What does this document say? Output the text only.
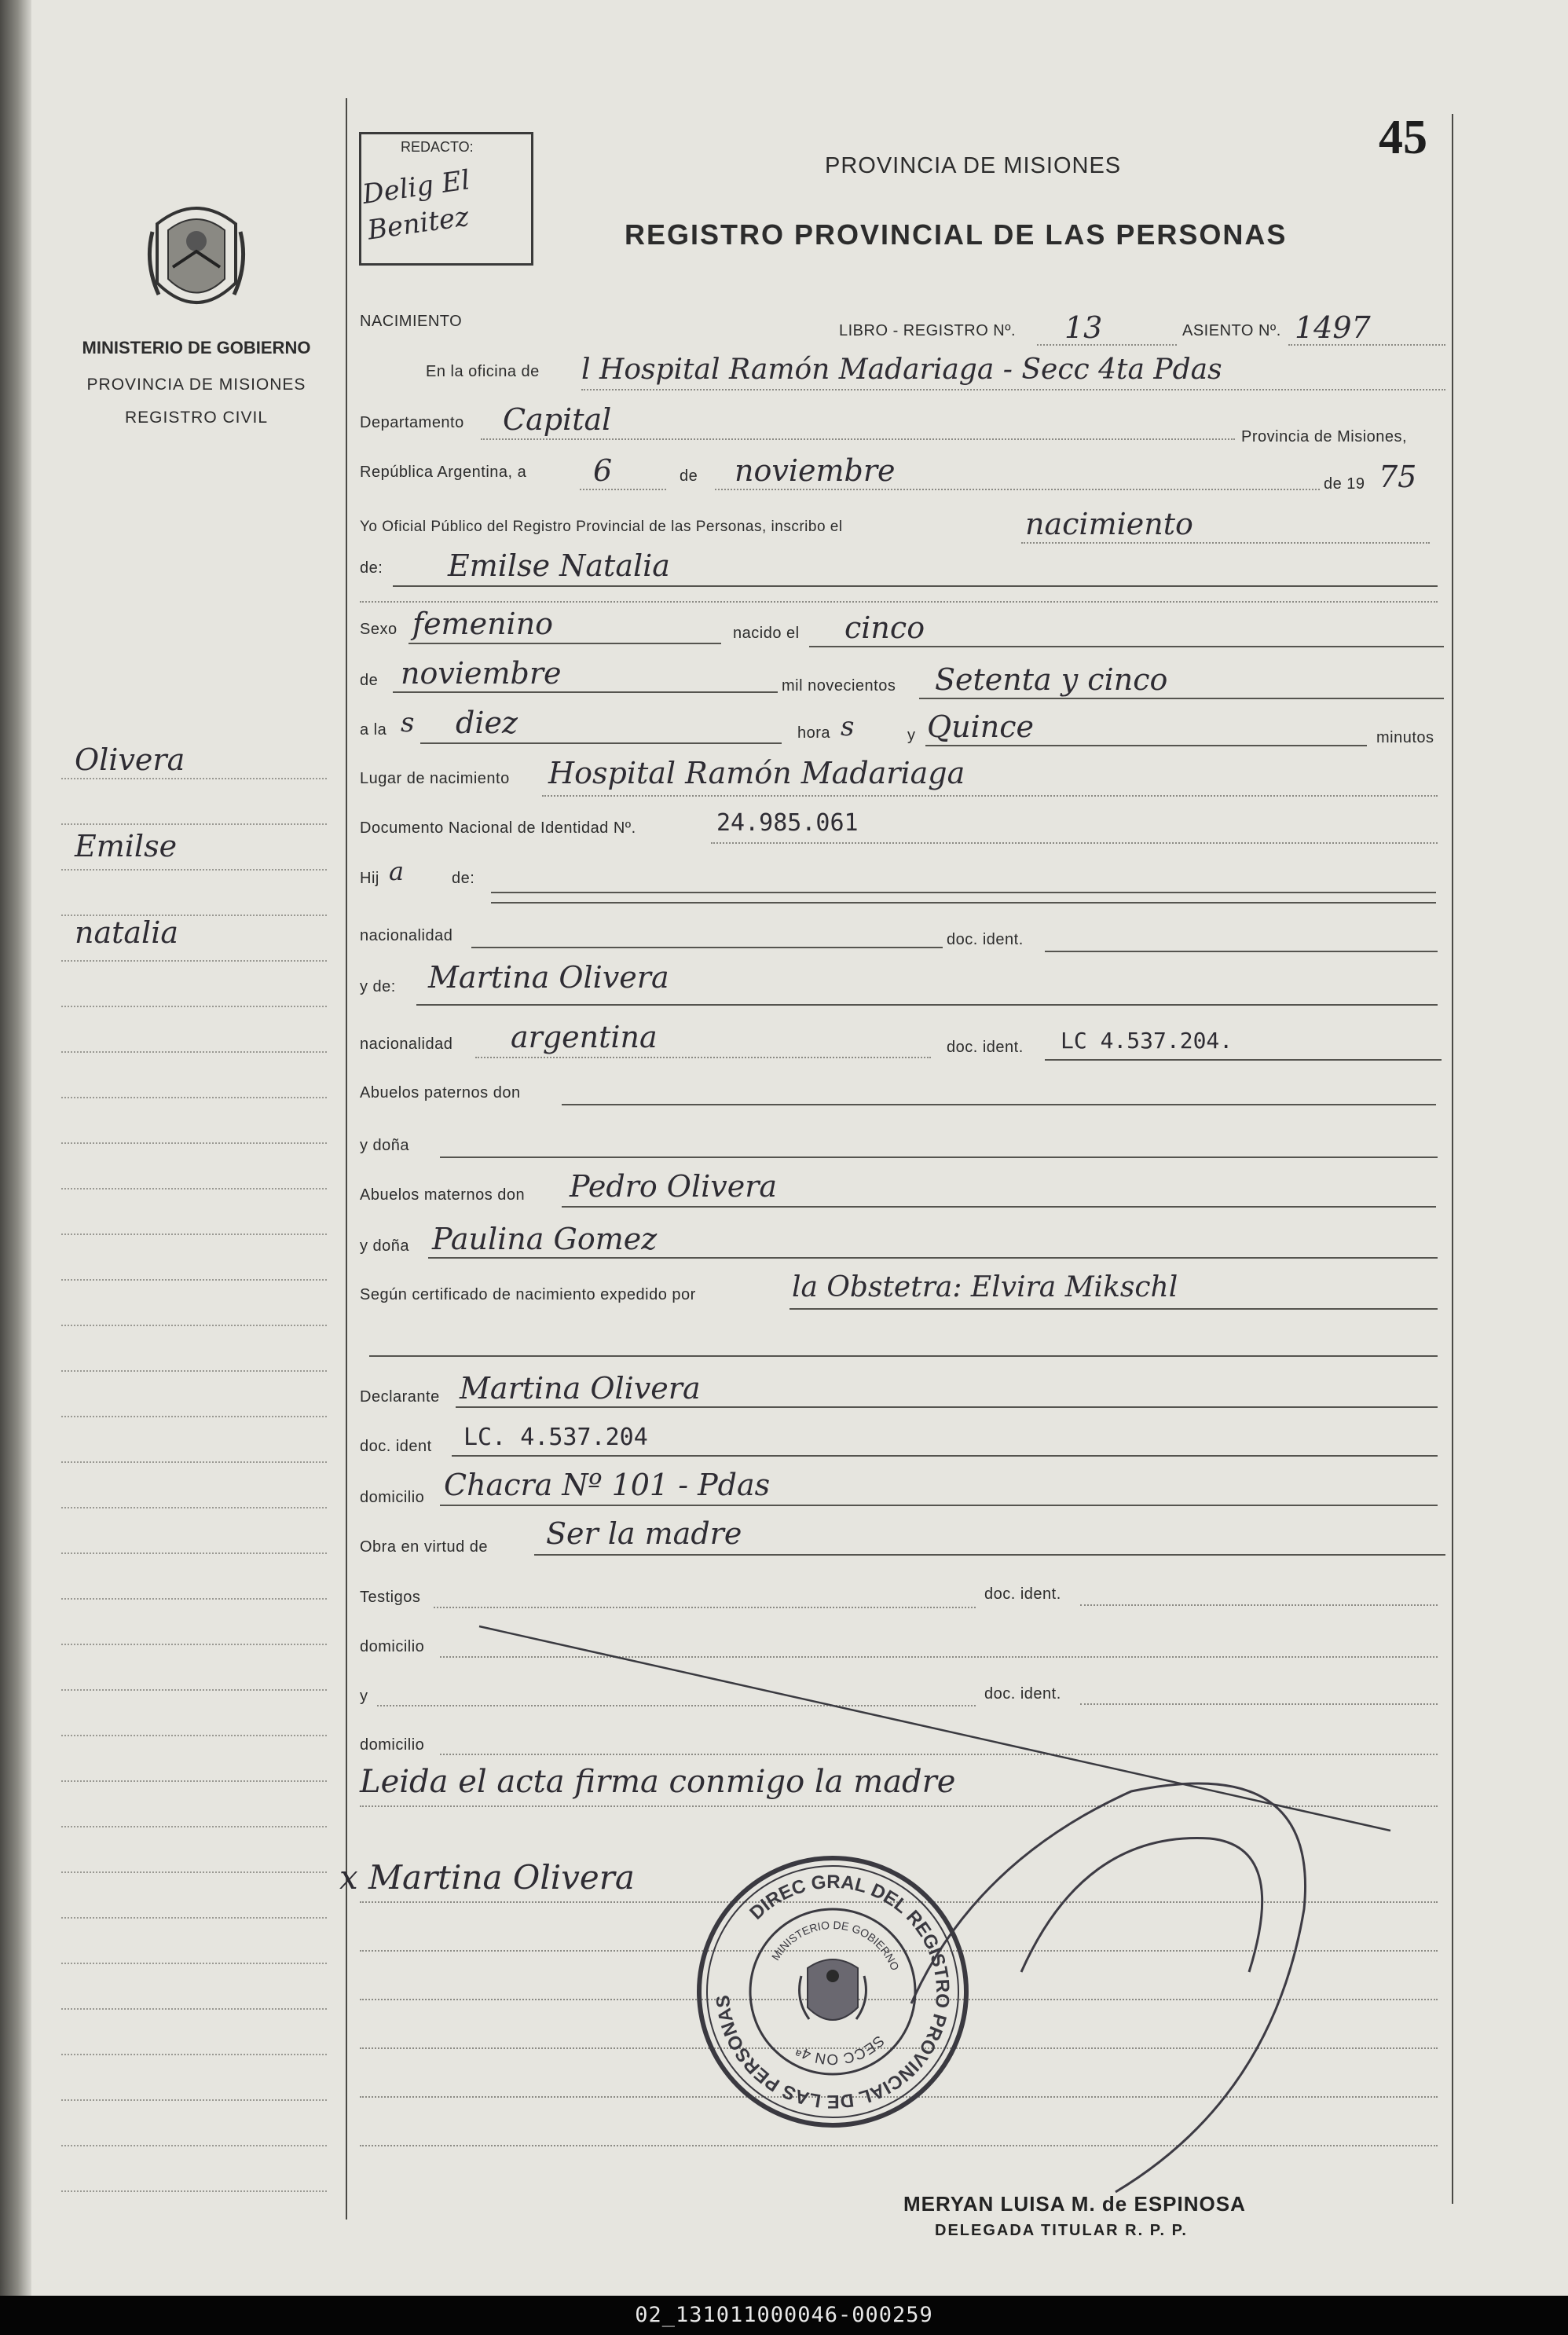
MINISTERIO DE GOBIERNO
PROVINCIA DE MISIONES
REGISTRO CIVIL
REDACTO:
Delig El Benitez
45
PROVINCIA DE MISIONES
REGISTRO PROVINCIAL DE LAS PERSONAS
Olivera
Emilse
natalia
NACIMIENTO
LIBRO - REGISTRO Nº. 13	ASIENTO Nº. 1497
En la oficina de l Hospital Ramón Madariaga - Secc 4ta Pdas
Departamento Capital	Provincia de Misiones,
República Argentina, a 6	de noviembre	de 19 75
Yo Oficial Público del Registro Provincial de las Personas, inscribo el	nacimiento
de: Emilse Natalia
Sexo femenino	nacido el cinco
de noviembre	mil novecientos Setenta y cinco
a la s diez	hora s	y Quince	minutos
Lugar de nacimiento Hospital Ramón Madariaga
Documento Nacional de Identidad Nº.	24.985.061
Hij a	de:
nacionalidad	doc. ident.
y de: Martina Olivera
nacionalidad argentina	doc. ident. LC 4.537.204.
Abuelos paternos don
y doña
Abuelos maternos don Pedro Olivera
y doña Paulina Gomez
Según certificado de nacimiento expedido por	la Obstetra: Elvira Mikschl
Declarante Martina Olivera
doc. ident LC. 4.537.204
domicilio Chacra Nº 101 - Pdas
Obra en virtud de Ser la madre
Testigos	doc. ident.
domicilio
y	doc. ident.
domicilio
Leida el acta firma conmigo la madre
x Martina Olivera
DIREC GRAL DEL REGISTRO PROVINCIAL DE LAS PERSONAS
SECC ON 4ª
MINISTERIO DE GOBIERNO
MERYAN LUISA M. de ESPINOSA
DELEGADA TITULAR R. P. P.
02_131011000046-000259
